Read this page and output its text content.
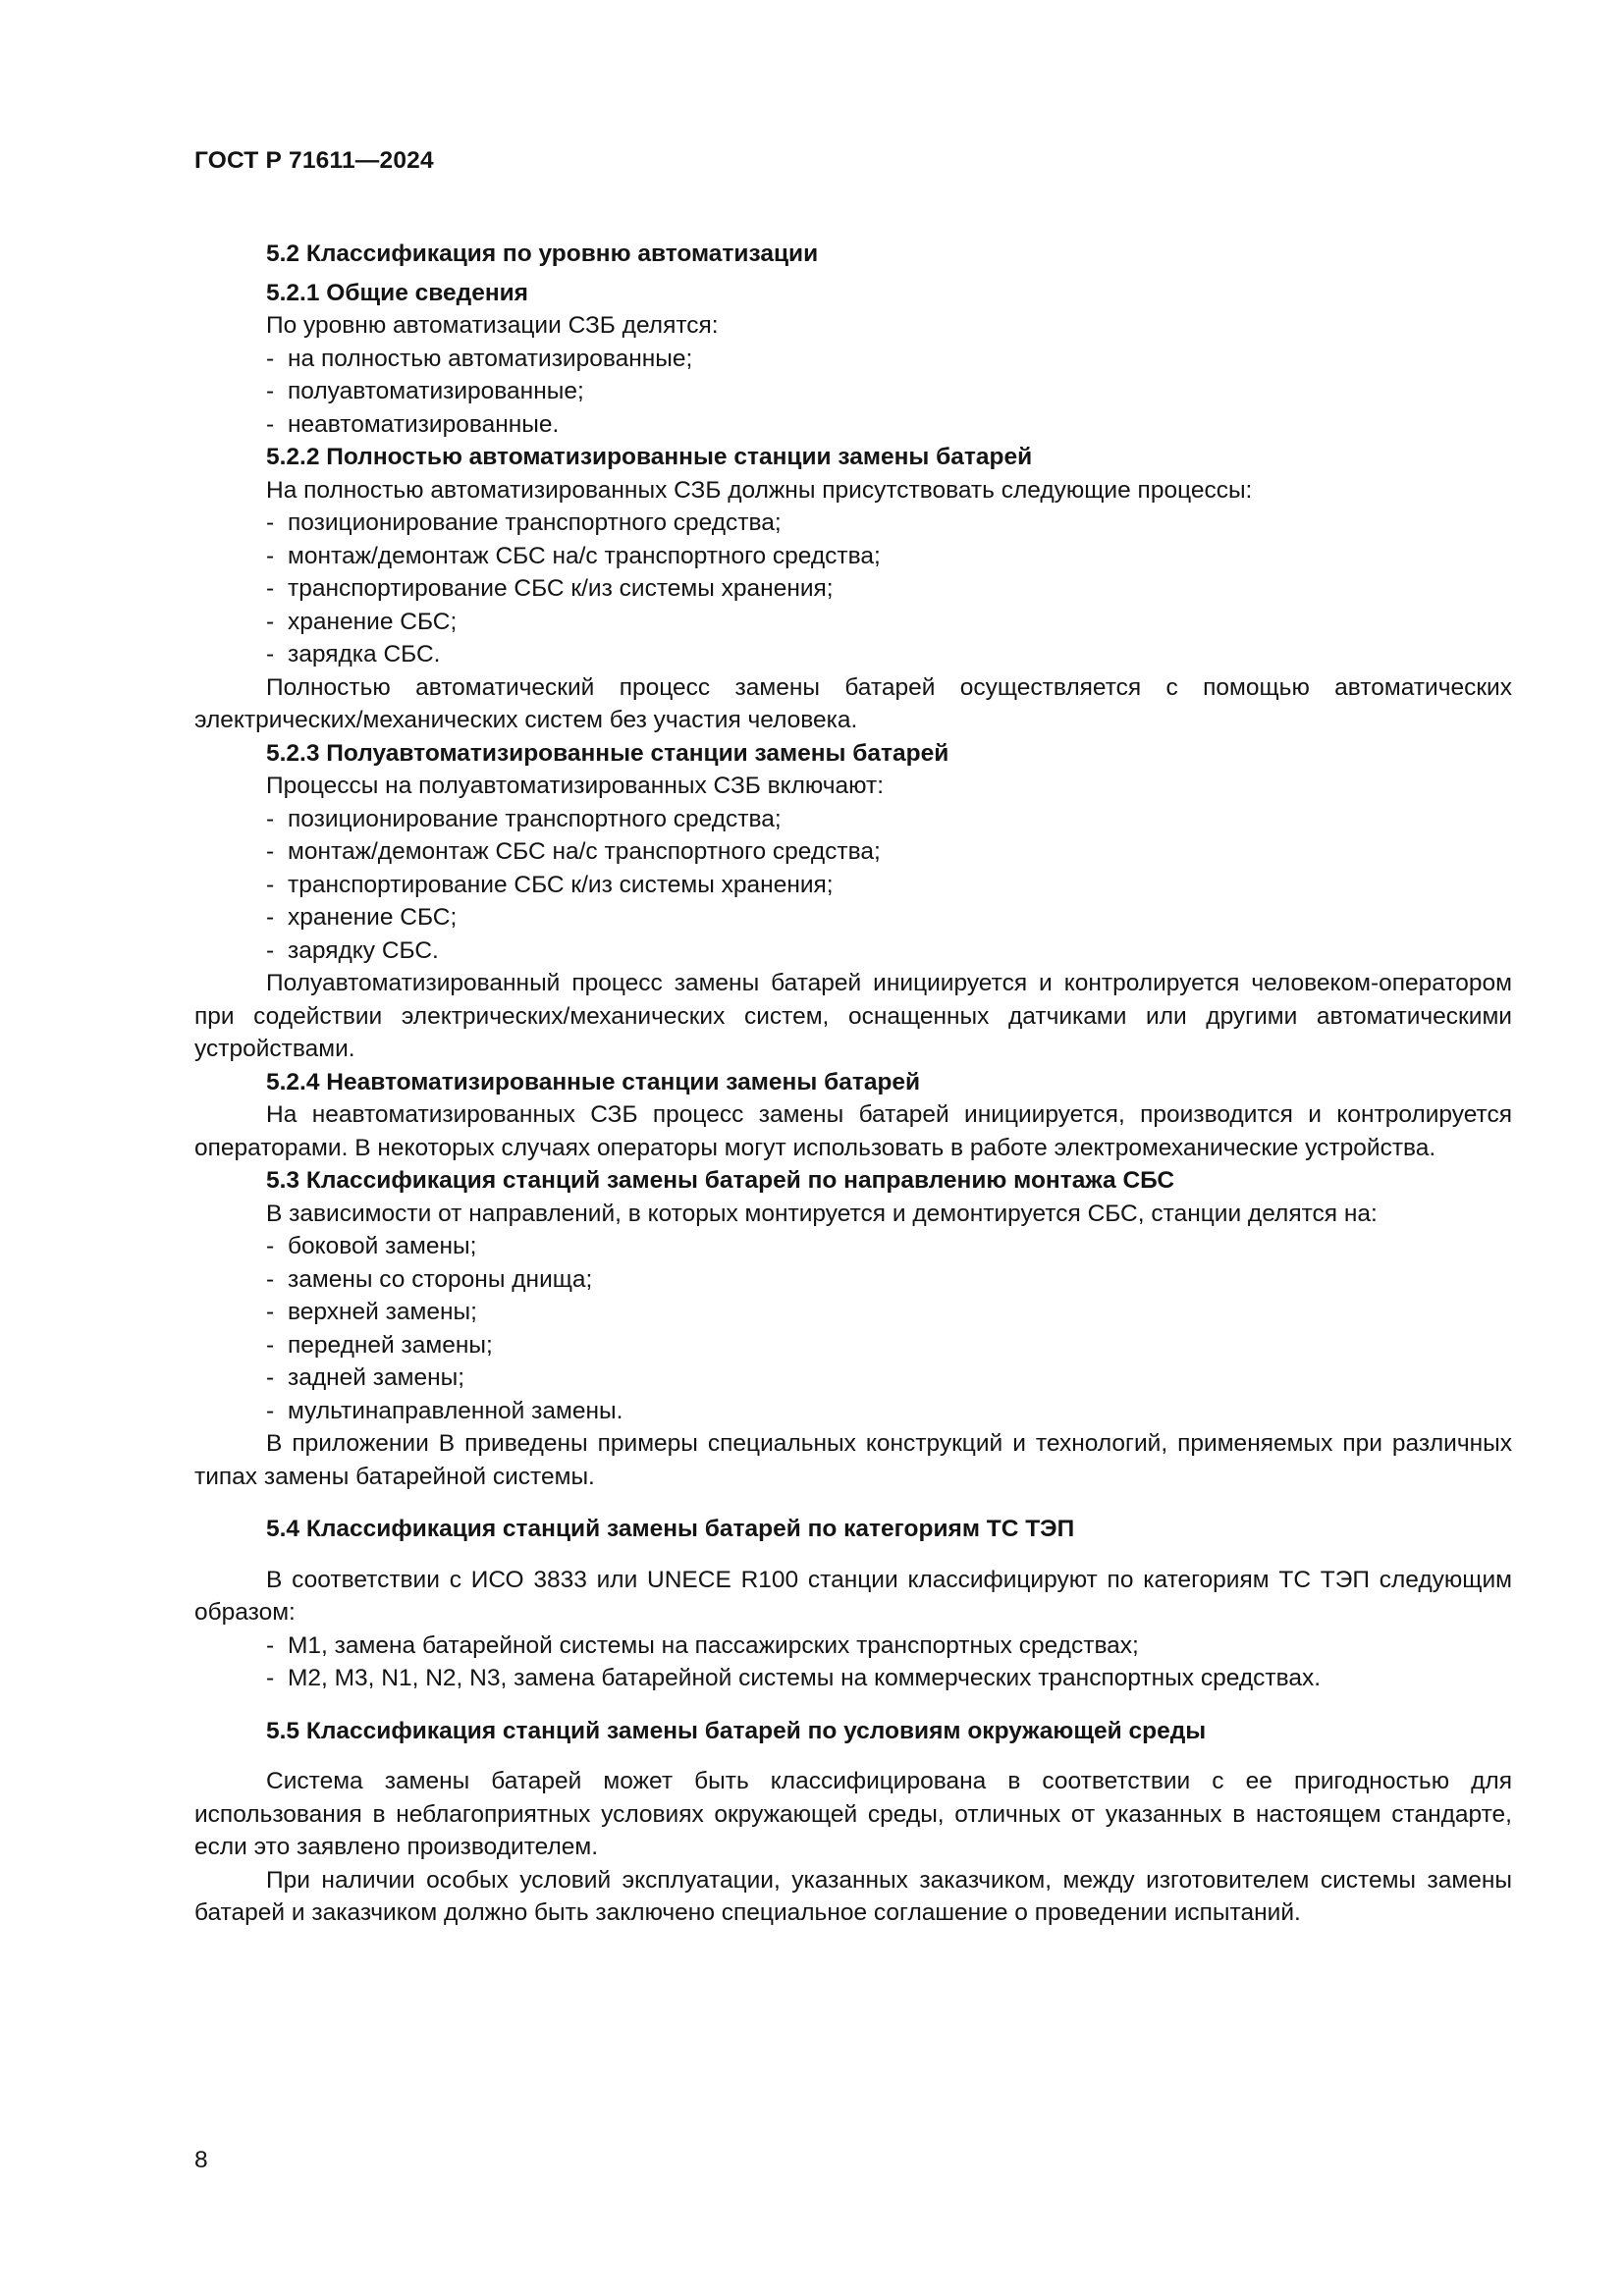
ГОСТ Р 71611—2024
5.2 Классификация по уровню автоматизации
5.2.1 Общие сведения
По уровню автоматизации СЗБ делятся:
- на полностью автоматизированные;
- полуавтоматизированные;
- неавтоматизированные.
5.2.2 Полностью автоматизированные станции замены батарей
На полностью автоматизированных СЗБ должны присутствовать следующие процессы:
- позиционирование транспортного средства;
- монтаж/демонтаж СБС на/с транспортного средства;
- транспортирование СБС к/из системы хранения;
- хранение СБС;
- зарядка СБС.
Полностью автоматический процесс замены батарей осуществляется с помощью автоматических электрических/механических систем без участия человека.
5.2.3 Полуавтоматизированные станции замены батарей
Процессы на полуавтоматизированных СЗБ включают:
- позиционирование транспортного средства;
- монтаж/демонтаж СБС на/с транспортного средства;
- транспортирование СБС к/из системы хранения;
- хранение СБС;
- зарядку СБС.
Полуавтоматизированный процесс замены батарей инициируется и контролируется человеком-оператором при содействии электрических/механических систем, оснащенных датчиками или другими автоматическими устройствами.
5.2.4 Неавтоматизированные станции замены батарей
На неавтоматизированных СЗБ процесс замены батарей инициируется, производится и контролируется операторами. В некоторых случаях операторы могут использовать в работе электромеханические устройства.
5.3 Классификация станций замены батарей по направлению монтажа СБС
В зависимости от направлений, в которых монтируется и демонтируется СБС, станции делятся на:
- боковой замены;
- замены со стороны днища;
- верхней замены;
- передней замены;
- задней замены;
- мультинаправленной замены.
В приложении В приведены примеры специальных конструкций и технологий, применяемых при различных типах замены батарейной системы.
5.4 Классификация станций замены батарей по категориям ТС ТЭП
В соответствии с ИСО 3833 или UNECE R100 станции классифицируют по категориям ТС ТЭП следующим образом:
- M1, замена батарейной системы на пассажирских транспортных средствах;
- M2, M3, N1, N2, N3, замена батарейной системы на коммерческих транспортных средствах.
5.5 Классификация станций замены батарей по условиям окружающей среды
Система замены батарей может быть классифицирована в соответствии с ее пригодностью для использования в неблагоприятных условиях окружающей среды, отличных от указанных в настоящем стандарте, если это заявлено производителем.
При наличии особых условий эксплуатации, указанных заказчиком, между изготовителем системы замены батарей и заказчиком должно быть заключено специальное соглашение о проведении испытаний.
8
